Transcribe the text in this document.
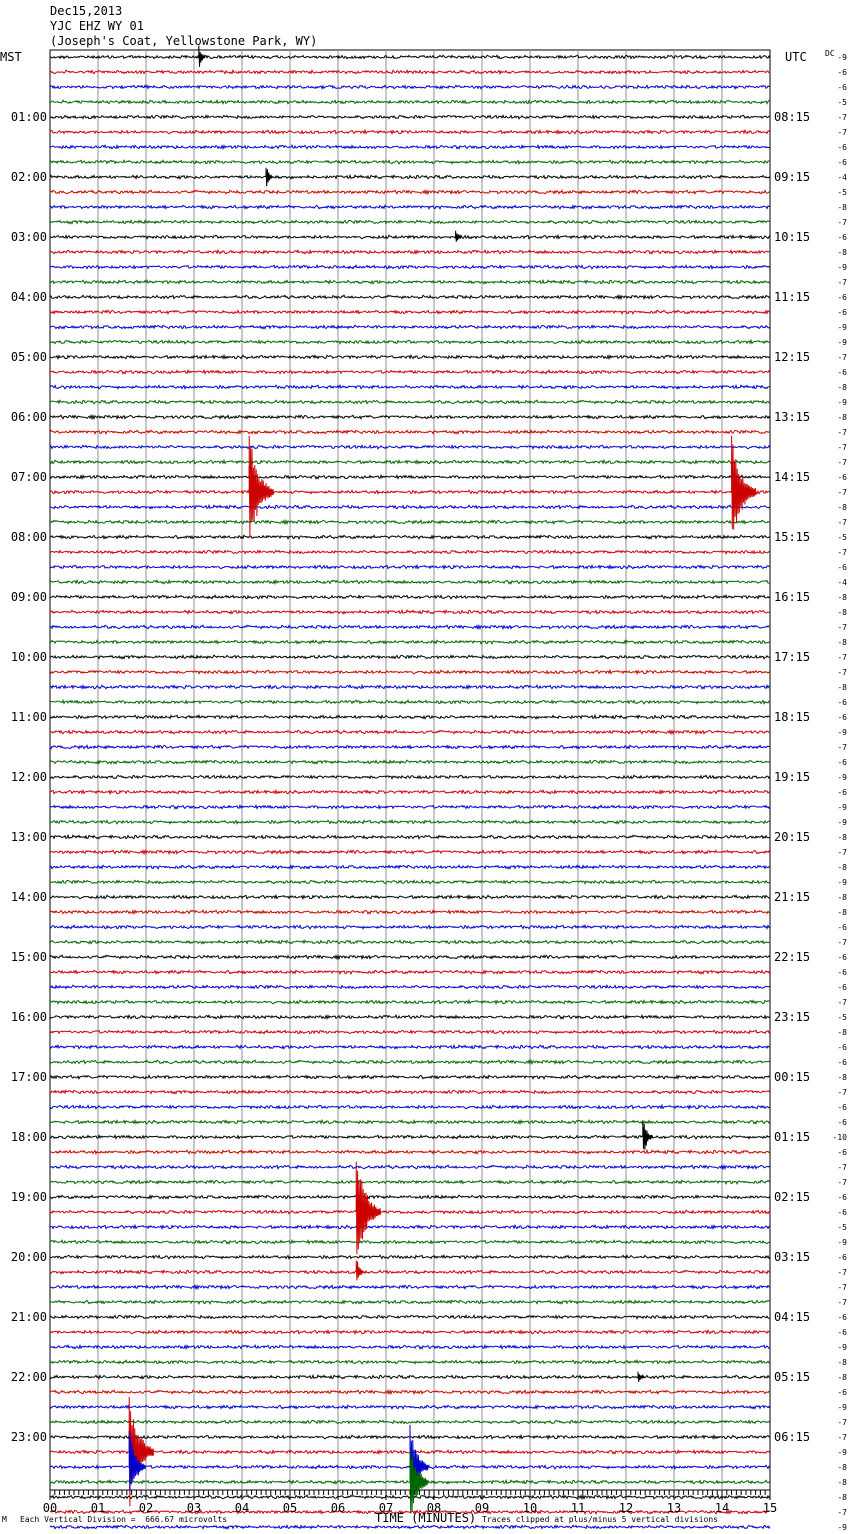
Dec15,2013
YJC EHZ WY 01
(Joseph's Coat, Yellowstone Park, WY)
MST	UTC DC -9
-6
-6
-5
-7
-7
-6
-6
-4
-5
-8
-7
-6
-8
-9
-7
-6
-6
-9
-9
-7
-6
-8
-9
-8
-7
-7
-7
-6
-7
-8
-7
-5
-7
-6
-4
-8
-8
-7
-8
-7
-7
-8
-6
-6
-9
-7
-6
-9
-6
-9
-9
-8
-7
-8
-9
-8
-8
-6
-7
-6
-6
-6
-7
-5
-8
-6
-6
-8
-7
-6
-6
-10
-6
-7
-7
-6
-6
-5
-9
-6
-7
-7
-7
-6
-6
-9
-8
-8
-6
-9
-7
-7
-9
-8
-8
-8
-7
-9
00	01	02	03	04	05	06	07	08	09	10	11	12	13	14	15
01:00
02:00
03:00
04:00
05:00
06:00
07:00
08:00
09:00
10:00
11:00
12:00
13:00
14:00
15:00
16:00
17:00
18:00
19:00
20:00
21:00
22:00
23:00
08:15
09:15
10:15
11:15
12:15
13:15
14:15
15:15
16:15
17:15
18:15
19:15
20:15
21:15
22:15
23:15
00:15
01:15
02:15
03:15
04:15
05:15
06:15
M Each Vertical Division =  666.67 microvolts	TIME (MINUTES) Traces clipped at plus/minus 5 vertical divisions
